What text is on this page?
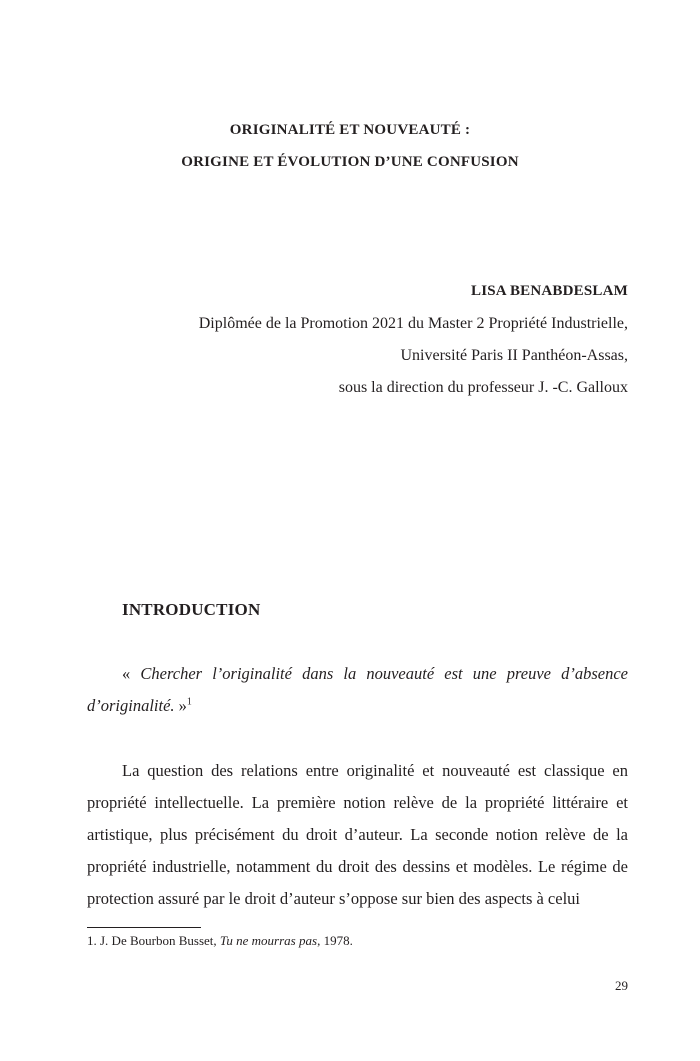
ORIGINALITÉ ET NOUVEAUTÉ :
ORIGINE ET ÉVOLUTION D’UNE CONFUSION
LISA BENABDESLAM
Diplômée de la Promotion 2021 du Master 2 Propriété Industrielle,
Université Paris II Panthéon-Assas,
sous la direction du professeur J. -C. Galloux
INTRODUCTION

« Chercher l’originalité dans la nouveauté est une preuve d’absence d’originalité. »$^1$

La question des relations entre originalité et nouveauté est classique en propriété intellectuelle. La première notion relève de la propriété littéraire et artistique, plus précisément du droit d’auteur. La seconde notion relève de la propriété industrielle, notamment du droit des dessins et modèles. Le régime de protection assuré par le droit d’auteur s’oppose sur bien des aspects à celui

1. J. De Bourbon Busset, Tu ne mourras pas, 1978.
29
